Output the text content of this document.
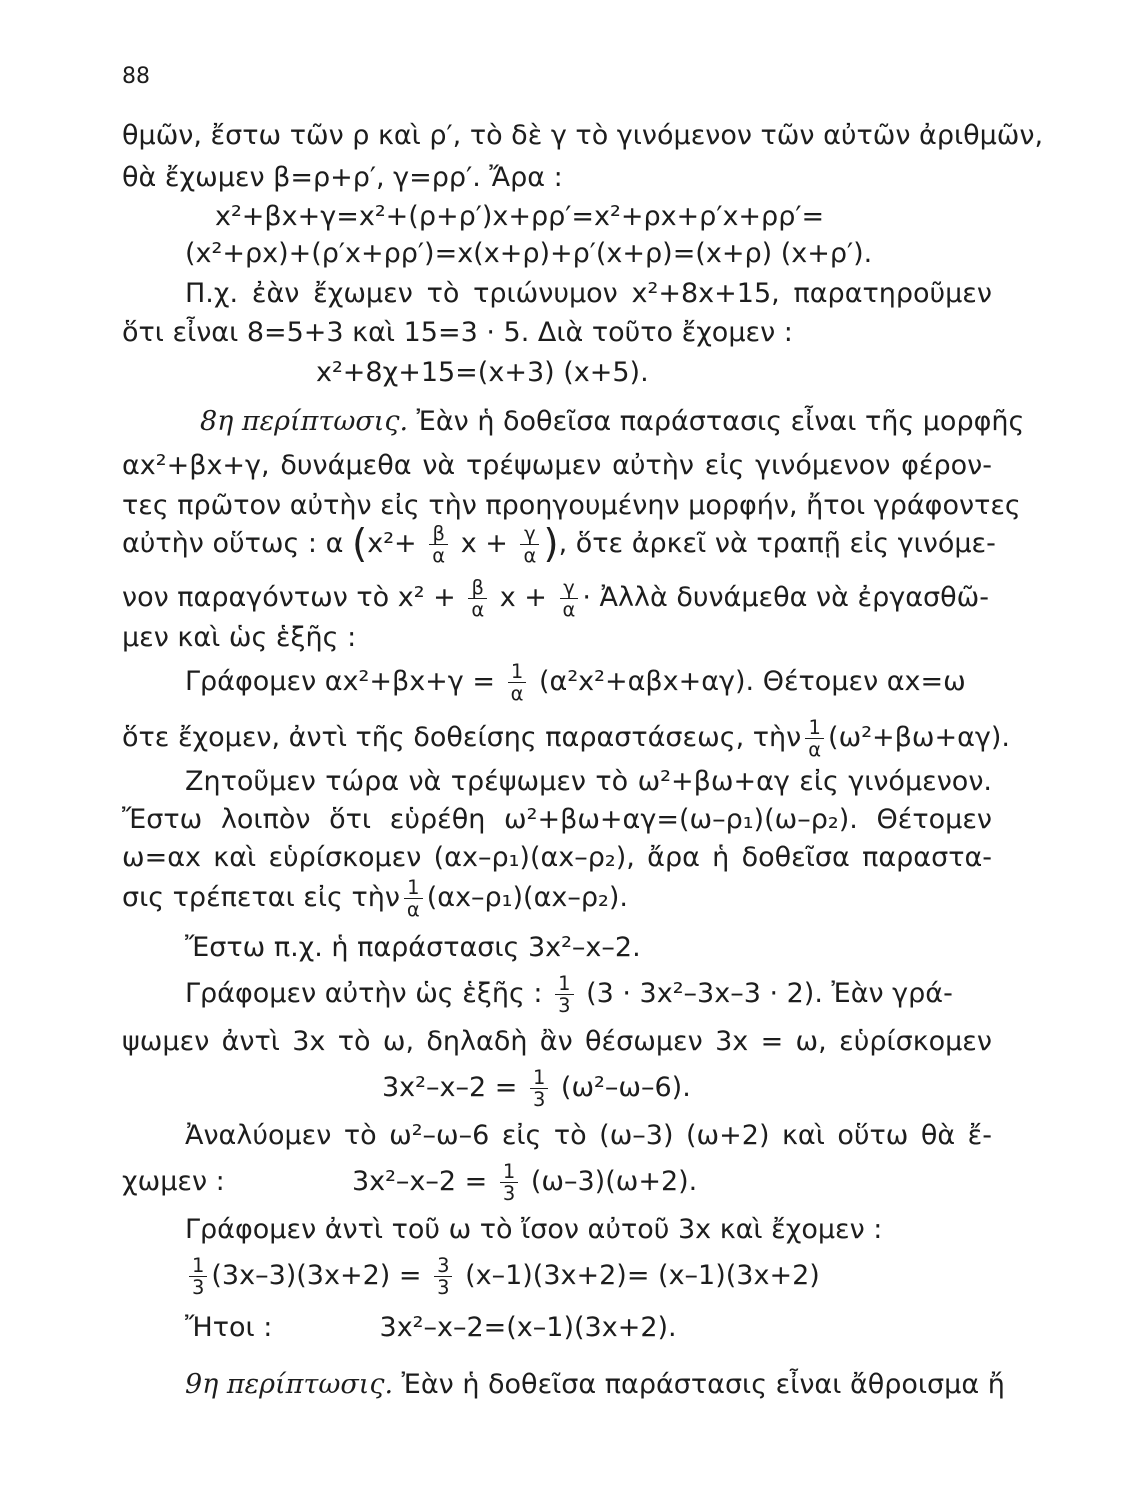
88
θμῶν, ἔστω τῶν ρ καὶ ρ′, τὸ δὲ γ τὸ γινόμενον τῶν αὐτῶν ἀριθμῶν,
θὰ ἔχωμεν β=ρ+ρ′, γ=ρρ′. Ἄρα :
x²+βx+γ=x²+(ρ+ρ′)x+ρρ′=x²+ρx+ρ′x+ρρ′=
(x²+ρx)+(ρ′x+ρρ′)=x(x+ρ)+ρ′(x+ρ)=(x+ρ) (x+ρ′).
Π.χ. ἐὰν ἔχωμεν τὸ τριώνυμον x²+8x+15, παρατηροῦμεν
ὅτι εἶναι 8=5+3 καὶ 15=3 · 5. Διὰ τοῦτο ἔχομεν :
x²+8χ+15=(x+3) (x+5).
8η περίπτωσις. Ἐὰν ἡ δοθεῖσα παράστασις εἶναι τῆς μορφῆς
αx²+βx+γ, δυνάμεθα νὰ τρέψωμεν αὐτὴν εἰς γινόμενον φέρον-
τες πρῶτον αὐτὴν εἰς τὴν προηγουμένην μορφήν, ἤτοι γράφοντες
αὐτὴν οὕτως : α ($x^2+ \frac{\beta}{\alpha}$ $x + \frac{\gamma}{\alpha}$ ), ὅτε ἀρκεῖ νὰ τραπῇ εἰς γινόμε-
νον παραγόντων τὸ $x^2 + \frac{\beta}{\alpha}$ $x + \frac{\gamma}{\alpha}$ · Ἀλλὰ δυνάμεθα νὰ ἐργασθῶ-
μεν καὶ ὡς ἑξῆς :
Γράφομεν $\alpha x^2+\beta x+\gamma = \frac{1}{\alpha} (\alpha^2x^2+\alpha\beta x+\alpha\gamma)$. Θέτομεν αx=ω
ὅτε ἔχομεν, ἀντὶ τῆς δοθείσης παραστάσεως, τὴν $\frac{1}{\alpha} (\omega^2+\beta\omega+\alpha\gamma)$.
Ζητοῦμεν τώρα νὰ τρέψωμεν τὸ ω²+βω+αγ εἰς γινόμενον.
Ἔστω λοιπὸν ὅτι εὑρέθη ω²+βω+αγ=(ω–ρ₁)(ω–ρ₂). Θέτομεν
ω=αx καὶ εὑρίσκομεν (αx–ρ₁)(αx–ρ₂), ἄρα ἡ δοθεῖσα παραστα-
σις τρέπεται εἰς τὴν $\frac{1}{\alpha} (\alpha x-\rho_1)(\alpha x-\rho_2)$.
Ἔστω π.χ. ἡ παράστασις 3x²–x–2.
Γράφομεν αὐτὴν ὡς ἑξῆς : $\frac{1}{3} (3 \cdot 3x^2-3x-3 \cdot 2)$. Ἐὰν γρά-
ψωμεν ἀντὶ 3x τὸ ω, δηλαδὴ ἂν θέσωμεν 3x = ω, εὑρίσκομεν
$3x^2-x-2 = \frac{1}{3} (\omega^2-\omega-6)$.
Ἀναλύομεν τὸ ω²–ω–6 εἰς τὸ (ω–3) (ω+2) καὶ οὕτω θὰ ἔ-
χωμεν :	$3x^2-x-2 = \frac{1}{3} (\omega-3)(\omega+2)$.
Γράφομεν ἀντὶ τοῦ ω τὸ ἴσον αὐτοῦ 3x καὶ ἔχομεν :
$\frac{1}{3} (3x-3)(3x+2) = \frac{3}{3} (x-1)(3x+2)= (x-1)(3x+2)$
Ἤτοι :	3x²–x–2=(x–1)(3x+2).
9η περίπτωσις. Ἐὰν ἡ δοθεῖσα παράστασις εἶναι ἄθροισμα ἤ
